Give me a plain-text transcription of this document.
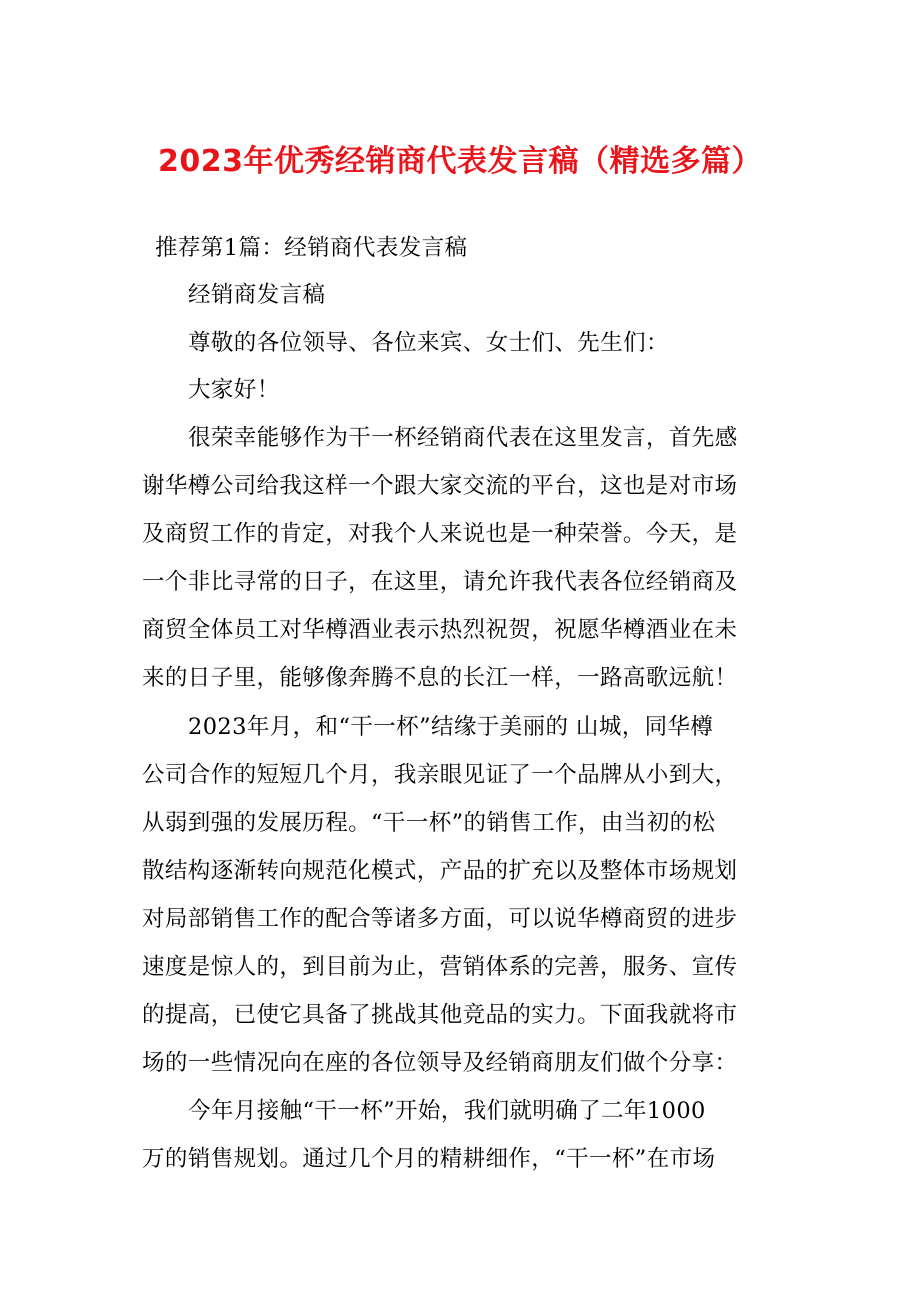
2023年优秀经销商代表发言稿（精选多篇）
推荐第1篇：经销商代表发言稿
经销商发言稿
尊敬的各位领导、各位来宾、女士们、先生们：
大家好！
很荣幸能够作为干一杯经销商代表在这里发言，首先感
谢华樽公司给我这样一个跟大家交流的平台，这也是对市场
及商贸工作的肯定，对我个人来说也是一种荣誉。今天，是
一个非比寻常的日子，在这里，请允许我代表各位经销商及
商贸全体员工对华樽酒业表示热烈祝贺，祝愿华樽酒业在未
来的日子里，能够像奔腾不息的长江一样，一路高歌远航！
2023年月，和“干一杯”结缘于美丽的 山城，同华樽
公司合作的短短几个月，我亲眼见证了一个品牌从小到大，
从弱到强的发展历程。“干一杯”的销售工作，由当初的松
散结构逐渐转向规范化模式，产品的扩充以及整体市场规划
对局部销售工作的配合等诸多方面，可以说华樽商贸的进步
速度是惊人的，到目前为止，营销体系的完善，服务、宣传
的提高，已使它具备了挑战其他竞品的实力。下面我就将市
场的一些情况向在座的各位领导及经销商朋友们做个分享：
今年月接触“干一杯”开始，我们就明确了二年1000
万的销售规划。通过几个月的精耕细作，“干一杯”在市场
